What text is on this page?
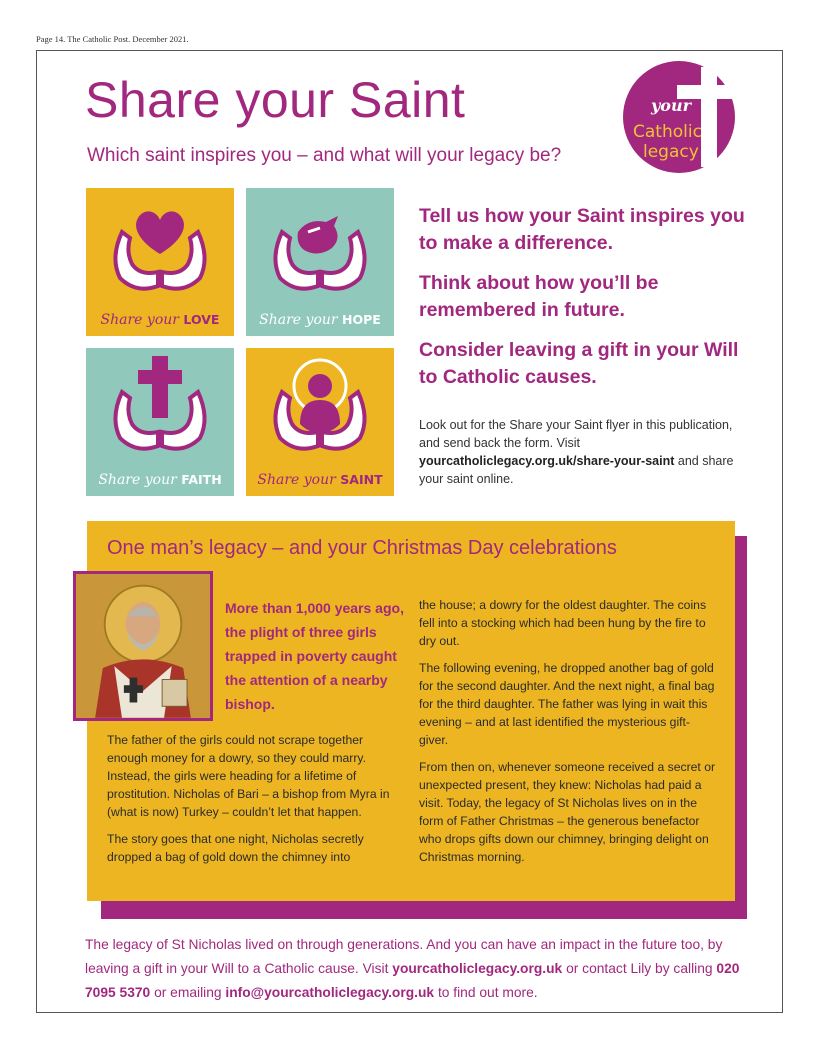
Page 14. The Catholic Post. December 2021.
Share your Saint
Which saint inspires you – and what will your legacy be?
your
Catholic
legacy
Share your LOVE	Share your HOPE
Share your FAITH	Share your SAINT

Tell us how your Saint inspires you to make a difference.

Think about how you’ll be remembered in future.

Consider leaving a gift in your Will to Catholic causes.

Look out for the Share your Saint flyer in this publication, and send back the form. Visit yourcatholiclegacy.org.uk/share-your-saint and share your saint online.
One man’s legacy – and your Christmas Day celebrations
More than 1,000 years ago, the plight of three girls trapped in poverty caught the attention of a nearby bishop.

The father of the girls could not scrape together enough money for a dowry, so they could marry. Instead, the girls were heading for a lifetime of prostitution. Nicholas of Bari – a bishop from Myra in (what is now) Turkey – couldn’t let that happen.

The story goes that one night, Nicholas secretly dropped a bag of gold down the chimney into

the house; a dowry for the oldest daughter. The coins fell into a stocking which had been hung by the fire to dry out.

The following evening, he dropped another bag of gold for the second daughter. And the next night, a final bag for the third daughter. The father was lying in wait this evening – and at last identified the mysterious gift-giver.

From then on, whenever someone received a secret or unexpected present, they knew: Nicholas had paid a visit. Today, the legacy of St Nicholas lives on in the form of Father Christmas – the generous benefactor who drops gifts down our chimney, bringing delight on Christmas morning.

The legacy of St Nicholas lived on through generations. And you can have an impact in the future too, by leaving a gift in your Will to a Catholic cause. Visit yourcatholiclegacy.org.uk or contact Lily by calling 020 7095 5370 or emailing info@yourcatholiclegacy.org.uk to find out more.
